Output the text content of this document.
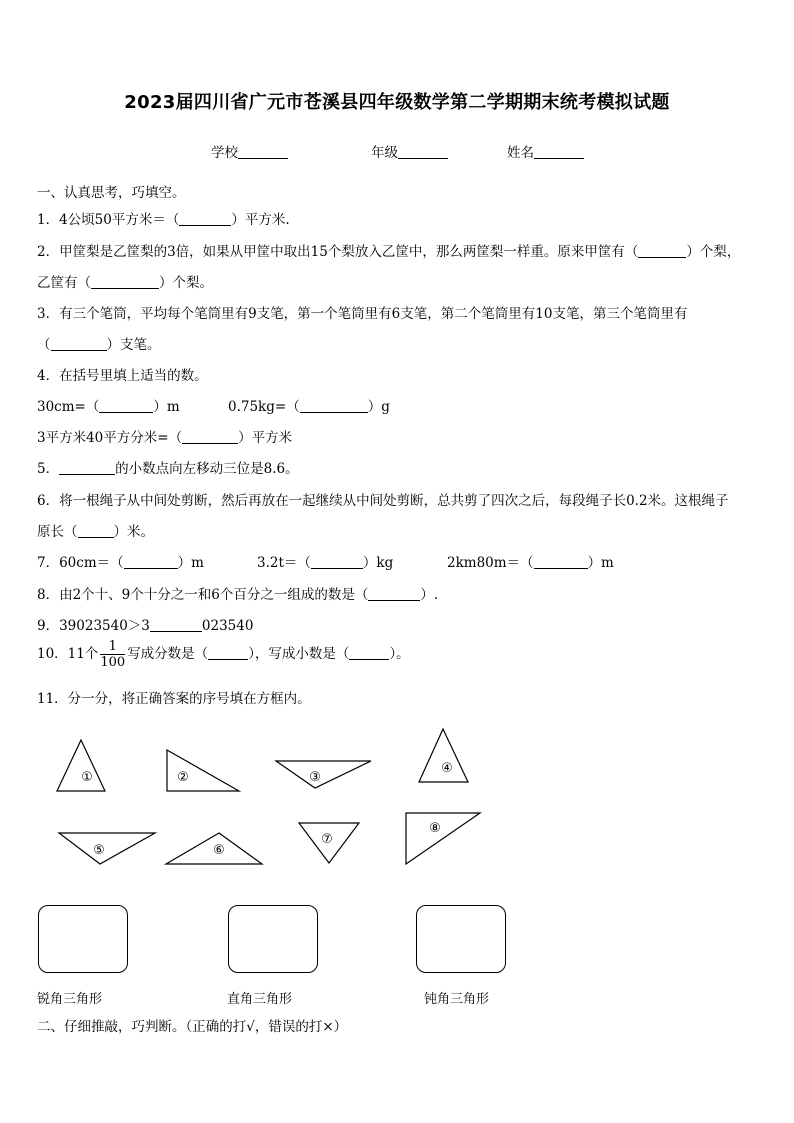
2023届四川省广元市苍溪县四年级数学第二学期期末统考模拟试题
学校	年级	姓名
一、认真思考，巧填空。
1．4公顷50平方米＝（	）平方米.
2．甲筐梨是乙筐梨的3倍，如果从甲筐中取出15个梨放入乙筐中，那么两筐梨一样重。原来甲筐有（	）个梨，
乙筐有（	）个梨。
3．有三个笔筒，平均每个笔筒里有9支笔，第一个笔筒里有6支笔，第二个笔筒里有10支笔，第三个笔筒里有
（	）支笔。
4．在括号里填上适当的数。
30cm=（	）m	0.75kg=（	）g
3平方米40平方分米=（	）平方米
5．	的小数点向左移动三位是8.6。
6．将一根绳子从中间处剪断，然后再放在一起继续从中间处剪断，总共剪了四次之后，每段绳子长0.2米。这根绳子
原长（	）米。
7．60cm＝（	）m	3.2t＝（	）kg	2km80m＝（	）m
8．由2个十、9个十分之一和6个百分之一组成的数是（	）.
9．39023540＞3	023540
10．11个 $\frac{1}{100}$ 写成分数是（	），写成小数是（	）。
11．分一分，将正确答案的序号填在方框内。
①	②	③
④
⑤	⑥
⑦
⑧
锐角三角形	直角三角形	钝角三角形
二、仔细推敲，巧判断。（正确的打√，错误的打×）
